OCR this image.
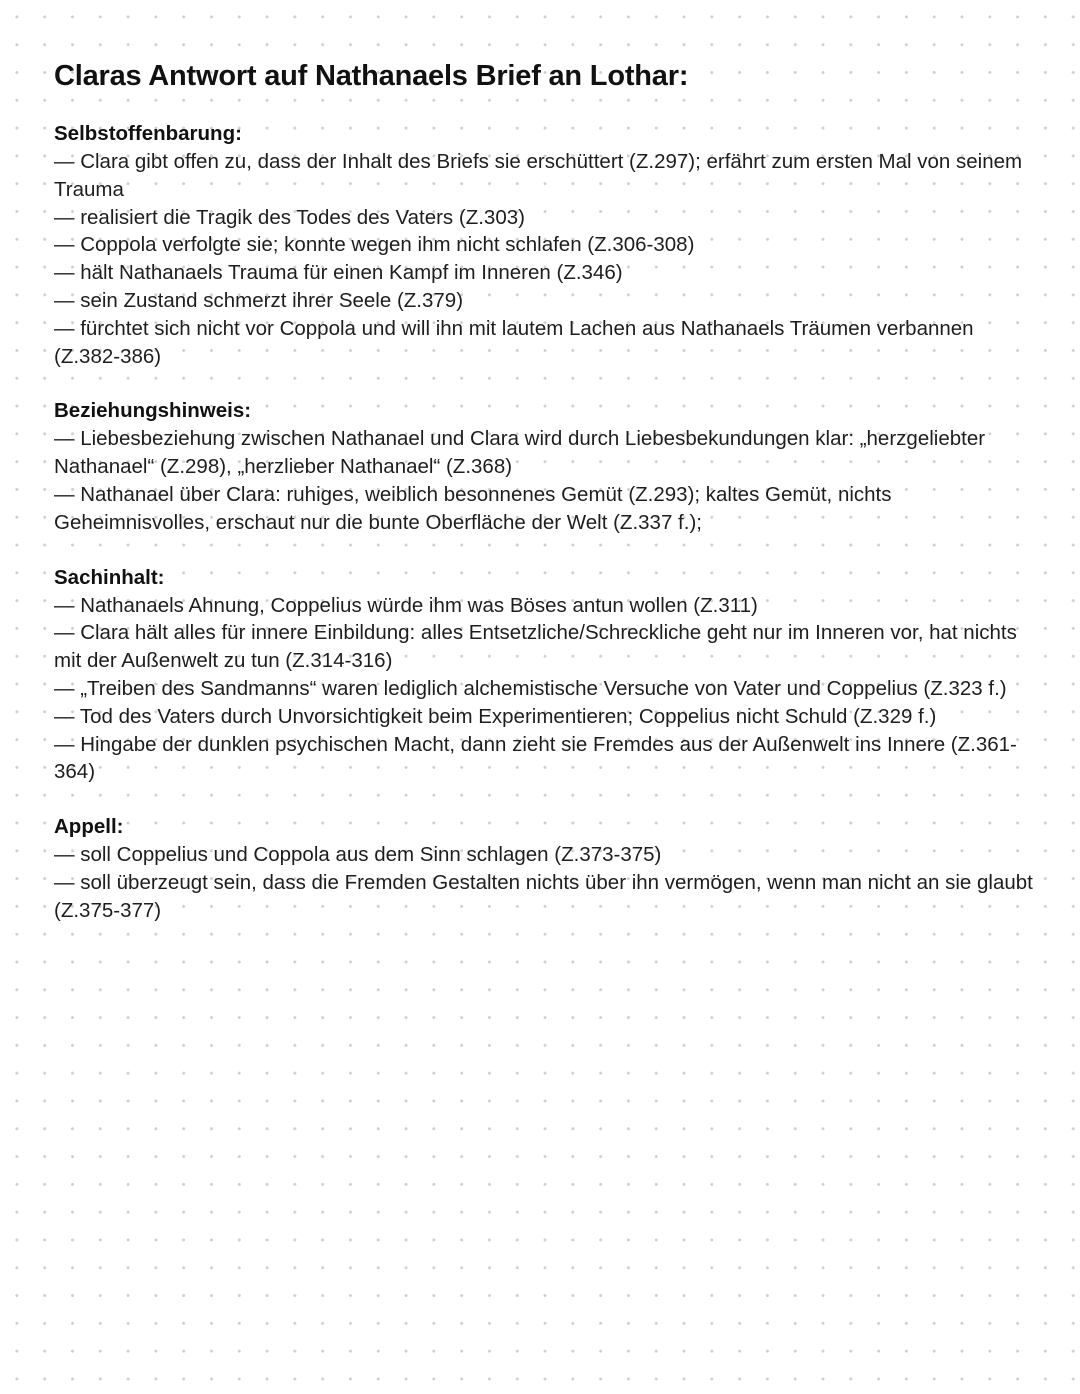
Claras Antwort auf Nathanaels Brief an Lothar:

Selbstoffenbarung:

— Clara gibt offen zu, dass der Inhalt des Briefs sie erschüttert (Z.297); erfährt zum ersten Mal von seinem Trauma

— realisiert die Tragik des Todes des Vaters (Z.303)

— Coppola verfolgte sie; konnte wegen ihm nicht schlafen (Z.306-308)

— hält Nathanaels Trauma für einen Kampf im Inneren (Z.346)

— sein Zustand schmerzt ihrer Seele (Z.379)

— fürchtet sich nicht vor Coppola und will ihn mit lautem Lachen aus Nathanaels Träumen verbannen (Z.382-386)

Beziehungshinweis:

— Liebesbeziehung zwischen Nathanael und Clara wird durch Liebesbekundungen klar: „herzgeliebter Nathanael“ (Z.298), „herzlieber Nathanael“ (Z.368)

— Nathanael über Clara: ruhiges, weiblich besonnenes Gemüt (Z.293); kaltes Gemüt, nichts Geheimnisvolles, erschaut nur die bunte Oberfläche der Welt (Z.337 f.);

Sachinhalt:

— Nathanaels Ahnung, Coppelius würde ihm was Böses antun wollen (Z.311)

— Clara hält alles für innere Einbildung: alles Entsetzliche/Schreckliche geht nur im Inneren vor, hat nichts mit der Außenwelt zu tun (Z.314-316)

— „Treiben des Sandmanns“ waren lediglich alchemistische Versuche von Vater und Coppelius (Z.323 f.)

— Tod des Vaters durch Unvorsichtigkeit beim Experimentieren; Coppelius nicht Schuld (Z.329 f.)

— Hingabe der dunklen psychischen Macht, dann zieht sie Fremdes aus der Außenwelt ins Innere (Z.361-364)

Appell:

— soll Coppelius und Coppola aus dem Sinn schlagen (Z.373-375)

— soll überzeugt sein, dass die Fremden Gestalten nichts über ihn vermögen, wenn man nicht an sie glaubt (Z.375-377)
